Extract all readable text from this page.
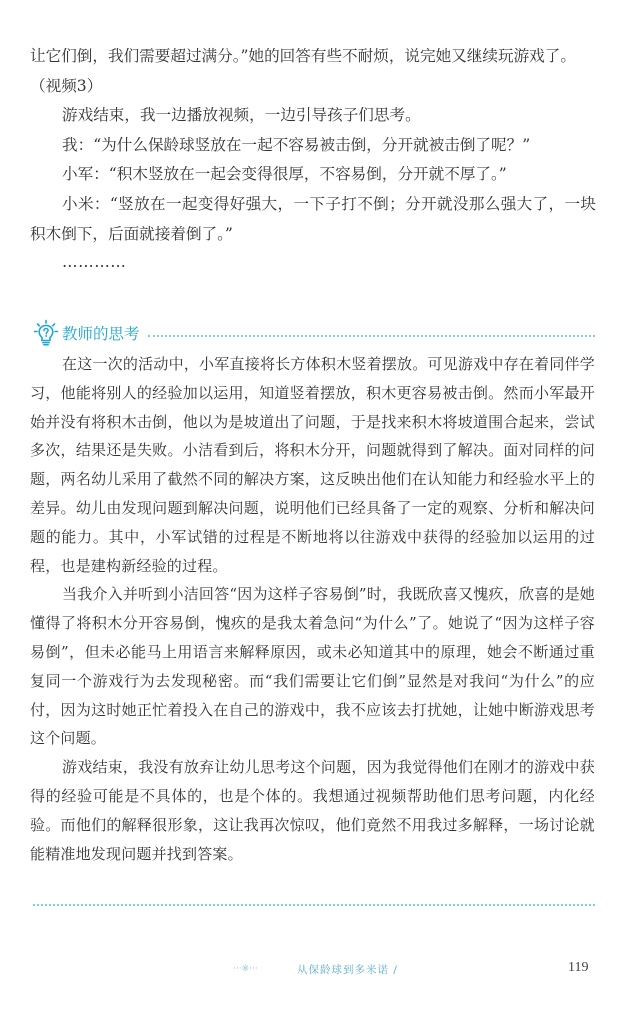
让它们倒，我们需要超过满分。”她的回答有些不耐烦，说完她又继续玩游戏了。

（视频3）

游戏结束，我一边播放视频，一边引导孩子们思考。

我：“为什么保龄球竖放在一起不容易被击倒，分开就被击倒了呢？”

小军：“积木竖放在一起会变得很厚，不容易倒，分开就不厚了。”

小米：“竖放在一起变得好强大，一下子打不倒；分开就没那么强大了，一块积木倒下，后面就接着倒了。”

…………

教师的思考

在这一次的活动中，小军直接将长方体积木竖着摆放。可见游戏中存在着同伴学习，他能将别人的经验加以运用，知道竖着摆放，积木更容易被击倒。然而小军最开始并没有将积木击倒，他以为是坡道出了问题，于是找来积木将坡道围合起来，尝试多次，结果还是失败。小洁看到后，将积木分开，问题就得到了解决。面对同样的问题，两名幼儿采用了截然不同的解决方案，这反映出他们在认知能力和经验水平上的差异。幼儿由发现问题到解决问题，说明他们已经具备了一定的观察、分析和解决问题的能力。其中，小军试错的过程是不断地将以往游戏中获得的经验加以运用的过程，也是建构新经验的过程。

当我介入并听到小洁回答“因为这样子容易倒”时，我既欣喜又愧疚，欣喜的是她懂得了将积木分开容易倒，愧疚的是我太着急问“为什么”了。她说了“因为这样子容易倒”，但未必能马上用语言来解释原因，或未必知道其中的原理，她会不断通过重复同一个游戏行为去发现秘密。而“我们需要让它们倒”显然是对我问“为什么”的应付，因为这时她正忙着投入在自己的游戏中，我不应该去打扰她，让她中断游戏思考这个问题。

游戏结束，我没有放弃让幼儿思考这个问题，因为我觉得他们在刚才的游戏中获得的经验可能是不具体的，也是个体的。我想通过视频帮助他们思考问题，内化经验。而他们的解释很形象，这让我再次惊叹，他们竟然不用我过多解释，一场讨论就能精准地发现问题并找到答案。

···※···	从保龄球到多米诺 /	119
